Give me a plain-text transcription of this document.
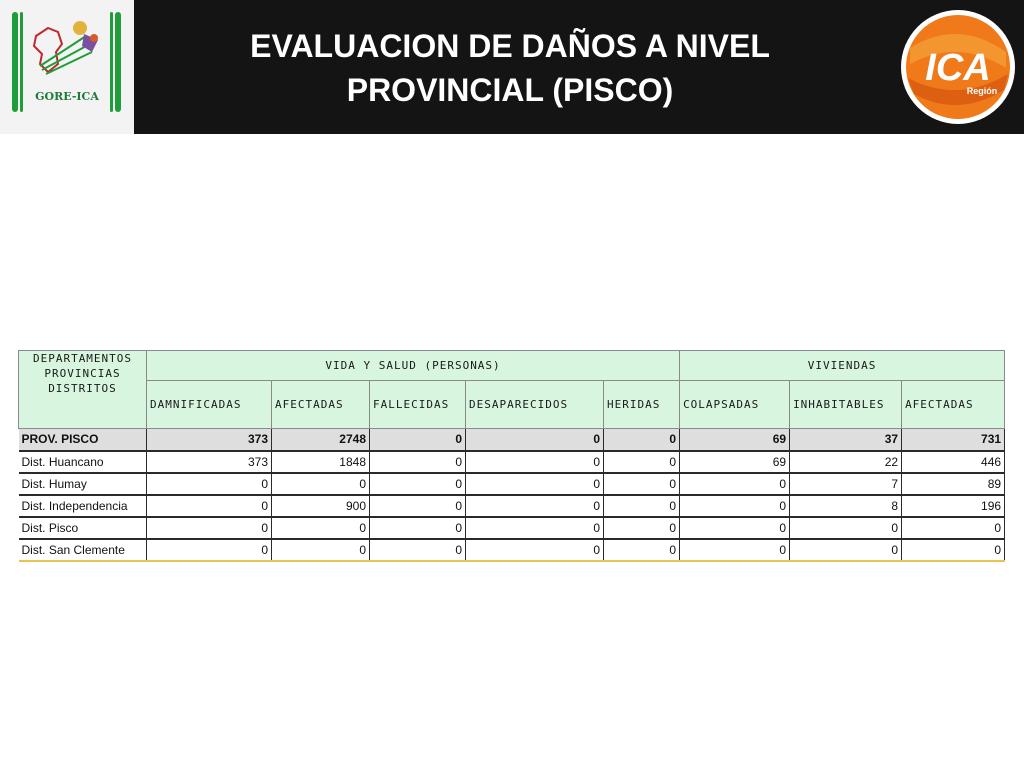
GORE-ICA
EVALUACION DE DAÑOS A NIVEL
PROVINCIAL (PISCO)
ICA
Región
DEPARTAMENTOS PROVINCIAS DISTRITOS	VIDA Y SALUD (PERSONAS)					VIVIENDAS		
	DAMNIFICADAS	AFECTADAS	FALLECIDAS	DESAPARECIDOS	HERIDAS	COLAPSADAS	INHABITABLES	AFECTADAS
PROV. PISCO	373	2748	0	0	0	69	37	731
Dist. Huancano	373	1848	0	0	0	69	22	446
Dist. Humay	0	0	0	0	0	0	7	89
Dist. Independencia	0	900	0	0	0	0	8	196
Dist. Pisco	0	0	0	0	0	0	0	0
Dist. San Clemente	0	0	0	0	0	0	0	0
